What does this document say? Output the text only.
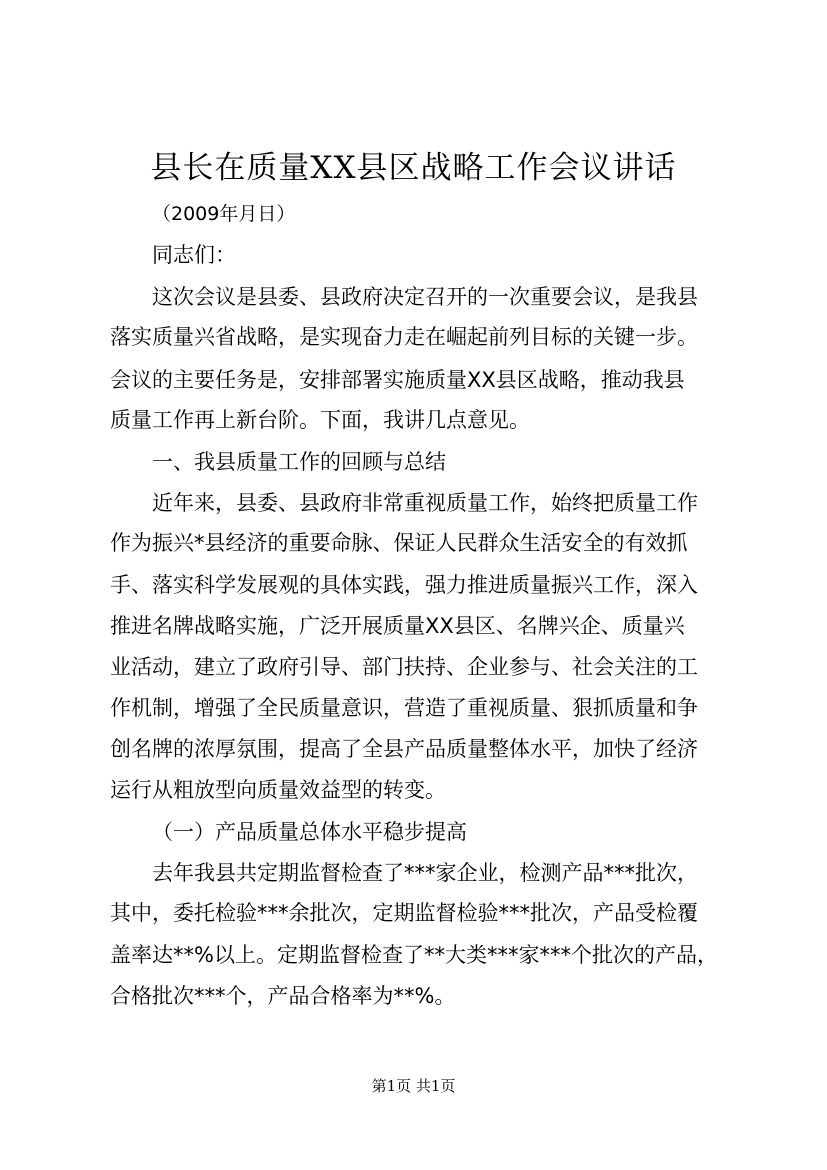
县长在质量XX县区战略工作会议讲话
（2009年月日）
同志们：
这次会议是县委、县政府决定召开的一次重要会议，是我县
落实质量兴省战略，是实现奋力走在崛起前列目标的关键一步。
会议的主要任务是，安排部署实施质量XX县区战略，推动我县
质量工作再上新台阶。下面，我讲几点意见。
一、我县质量工作的回顾与总结
近年来，县委、县政府非常重视质量工作，始终把质量工作
作为振兴*县经济的重要命脉、保证人民群众生活安全的有效抓
手、落实科学发展观的具体实践，强力推进质量振兴工作，深入
推进名牌战略实施，广泛开展质量XX县区、名牌兴企、质量兴
业活动，建立了政府引导、部门扶持、企业参与、社会关注的工
作机制，增强了全民质量意识，营造了重视质量、狠抓质量和争
创名牌的浓厚氛围，提高了全县产品质量整体水平，加快了经济
运行从粗放型向质量效益型的转变。
（一）产品质量总体水平稳步提高
去年我县共定期监督检查了***家企业，检测产品***批次，
其中，委托检验***余批次，定期监督检验***批次，产品受检覆
盖率达**%以上。定期监督检查了**大类***家***个批次的产品，
合格批次***个，产品合格率为**%。
第1页 共1页
